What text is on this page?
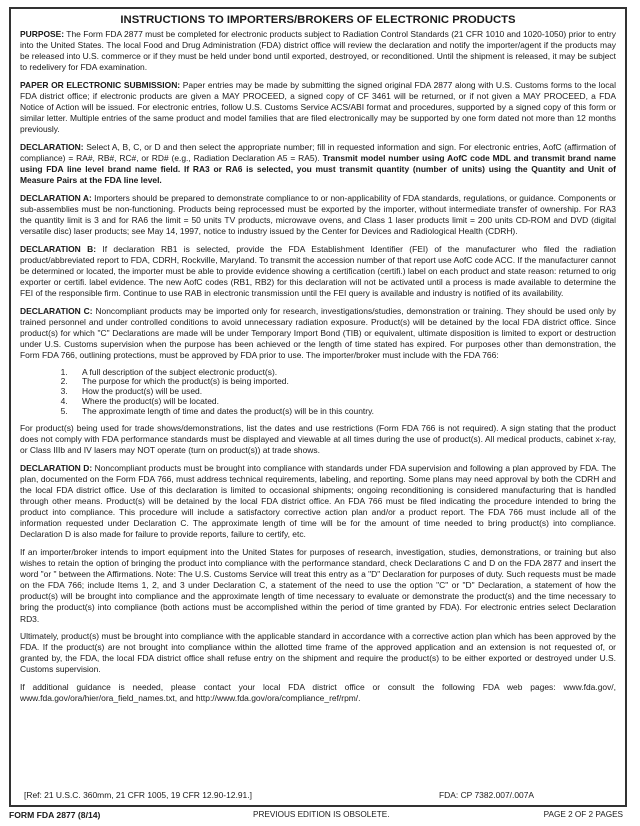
INSTRUCTIONS TO IMPORTERS/BROKERS OF ELECTRONIC PRODUCTS

PURPOSE: The Form FDA 2877 must be completed for electronic products subject to Radiation Control Standards (21 CFR 1010 and 1020-1050) prior to entry into the United States. The local Food and Drug Administration (FDA) district office will review the declaration and notify the importer/agent if the products may be released into U.S. commerce or if they must be held under bond until exported, destroyed, or reconditioned. Until the shipment is released, it may be subject to redelivery for FDA examination.

PAPER OR ELECTRONIC SUBMISSION: Paper entries may be made by submitting the signed original FDA 2877 along with U.S. Customs forms to the local FDA district office; if electronic products are given a MAY PROCEED, a signed copy of CF 3461 will be returned, or if not given a MAY PROCEED, a FDA Notice of Action will be issued. For electronic entries, follow U.S. Customs Service ACS/ABI format and procedures, supported by a signed copy of this form or similar letter. Multiple entries of the same product and model families that are filed electronically may be supported by one form dated not more than 12 months previously.

DECLARATION: Select A, B, C, or D and then select the appropriate number; fill in requested information and sign. For electronic entries, AofC (affirmation of compliance) = RA#, RB#, RC#, or RD# (e.g., Radiation Declaration A5 = RA5). Transmit model number using AofC code MDL and transmit brand name using FDA line level brand name field. If RA3 or RA6 is selected, you must transmit quantity (number of units) using the Quantity and Unit of Measure Pairs at the FDA line level.

DECLARATION A: Importers should be prepared to demonstrate compliance to or non-applicability of FDA standards, regulations, or guidance. Components or sub-assemblies must be non-functioning. Products being reprocessed must be exported by the importer, without intermediate transfer of ownership. For RA3 the quantity limit is 3 and for RA6 the limit = 50 units TV products, microwave ovens, and Class 1 laser products limit = 200 units CD-ROM and DVD (digital versatile disc) laser products; see May 14, 1997, notice to industry issued by the Center for Devices and Radiological Health (CDRH).

DECLARATION B: If declaration RB1 is selected, provide the FDA Establishment Identifier (FEI) of the manufacturer who filed the radiation product/abbreviated report to FDA, CDRH, Rockville, Maryland. To transmit the accession number of that report use AofC code ACC. If the manufacturer cannot be determined or located, the importer must be able to provide evidence showing a certification (certifi.) label on each product and state reason: returned to orig exporter or certifi. label evidence. The new AofC codes (RB1, RB2) for this declaration will not be activated until a process is made available to determine the FEI of the responsible firm. Continue to use RAB in electronic transmission until the FEI query is available and industry is notified of its availability.

DECLARATION C: Noncompliant products may be imported only for research, investigations/studies, demonstration or training. They should be used only by trained personnel and under controlled conditions to avoid unnecessary radiation exposure. Product(s) will be detained by the local FDA district office. Since product(s) for which "C" Declarations are made will be under Temporary Import Bond (TIB) or equivalent, ultimate disposition is limited to export or destruction under U.S. Customs supervision when the purpose has been achieved or the length of time stated has expired. For purposes other than demonstration, the Form FDA 766, outlining protections, must be approved by FDA prior to use. The importer/broker must include with the FDA 766:

1. A full description of the subject electronic product(s).
2. The purpose for which the product(s) is being imported.
3. How the product(s) will be used.
4. Where the product(s) will be located.
5. The approximate length of time and dates the product(s) will be in this country.

For product(s) being used for trade shows/demonstrations, list the dates and use restrictions (Form FDA 766 is not required). A sign stating that the product does not comply with FDA performance standards must be displayed and viewable at all times during the use of product(s). All medical products, cabinet x-ray, or Class IIIb and IV lasers may NOT operate (turn on product(s)) at trade shows.

DECLARATION D: Noncompliant products must be brought into compliance with standards under FDA supervision and following a plan approved by FDA. The plan, documented on the Form FDA 766, must address technical requirements, labeling, and reporting. Some plans may need approval by both the CDRH and the local FDA district office. Use of this declaration is limited to occasional shipments; ongoing reconditioning is considered manufacturing that is handled through other means. Product(s) will be detained by the local FDA district office. An FDA 766 must be filed indicating the procedure intended to bring the product into compliance. This procedure will include a satisfactory corrective action plan and/or a product report. The FDA 766 must include all of the information requested under Declaration C. The approximate length of time will be for the amount of time needed to bring product(s) into compliance. Declaration D is also made for failure to provide reports, failure to certify, etc.

If an importer/broker intends to import equipment into the United States for purposes of research, investigation, studies, demonstrations, or training but also wishes to retain the option of bringing the product into compliance with the performance standard, check Declarations C and D on the FDA 2877 and insert the word "or " between the Affirmations. Note: The U.S. Customs Service will treat this entry as a "D" Declaration for purposes of duty. Such requests must be made on the FDA 766; include Items 1, 2, and 3 under Declaration C, a statement of the need to use the option "C" or "D" Declaration, a statement of how the product(s) will be brought into compliance and the approximate length of time necessary to evaluate or demonstrate the product(s) and the time necessary to bring the product(s) into compliance (both actions must be accomplished within the period of time granted by FDA). For electronic entries select Declaration RD3.

Ultimately, product(s) must be brought into compliance with the applicable standard in accordance with a corrective action plan which has been approved by the FDA. If the product(s) are not brought into compliance within the allotted time frame of the approved application and an extension is not requested of, or granted by, the FDA, the local FDA district office shall refuse entry on the shipment and require the product(s) to be either exported or destroyed under U.S. Customs supervision.

If additional guidance is needed, please contact your local FDA district office or consult the following FDA web pages: www.fda.gov/, www.fda.gov/ora/hier/ora_field_names.txt, and http://www.fda.gov/ora/compliance_ref/rpm/.

[Ref: 21 U.S.C. 360mm, 21 CFR 1005, 19 CFR 12.90-12.91.]	FDA: CP 7382.007/.007A
FORM FDA 2877 (8/14)	PREVIOUS EDITION IS OBSOLETE.	PAGE 2 OF 2 PAGES
